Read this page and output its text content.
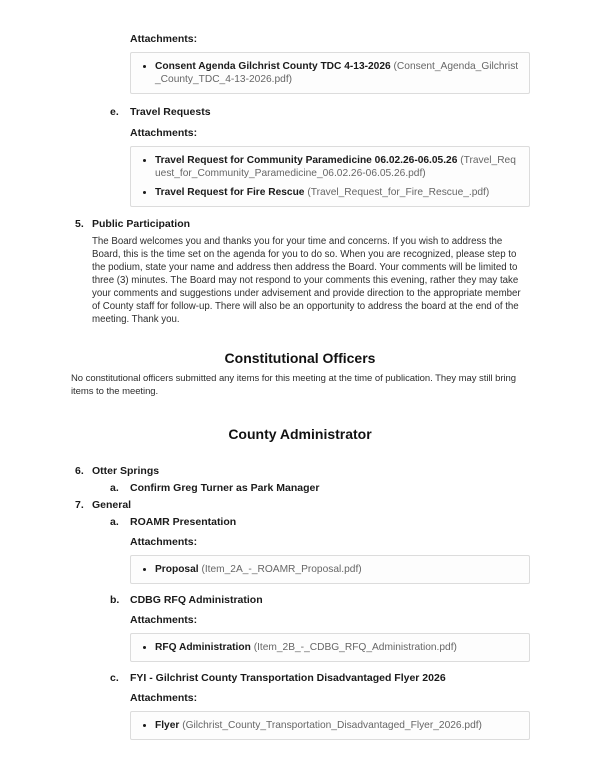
Attachments:
• Consent Agenda Gilchrist County TDC 4-13-2026 (Consent_Agenda_Gilchrist_County_TDC_4-13-2026.pdf)
e.	Travel Requests
Attachments:
• Travel Request for Community Paramedicine 06.02.26-06.05.26 (Travel_Request_for_Community_Paramedicine_06.02.26-06.05.26.pdf)
• Travel Request for Fire Rescue (Travel_Request_for_Fire_Rescue_.pdf)
5. Public Participation
The Board welcomes you and thanks you for your time and concerns. If you wish to address the Board, this is the time set on the agenda for you to do so. When you are recognized, please step to the podium, state your name and address then address the Board. Your comments will be limited to three (3) minutes. The Board may not respond to your comments this evening, rather they may take your comments and suggestions under advisement and provide direction to the appropriate member of County staff for follow-up. There will also be an opportunity to address the board at the end of the meeting. Thank you.
Constitutional Officers
No constitutional officers submitted any items for this meeting at the time of publication. They may still bring items to the meeting.
County Administrator
6. Otter Springs
a.	Confirm Greg Turner as Park Manager
7. General
a.	ROAMR Presentation
Attachments:
• Proposal (Item_2A_-_ROAMR_Proposal.pdf)
b.	CDBG RFQ Administration
Attachments:
• RFQ Administration (Item_2B_-_CDBG_RFQ_Administration.pdf)
c.	FYI - Gilchrist County Transportation Disadvantaged Flyer 2026
Attachments:
• Flyer (Gilchrist_County_Transportation_Disadvantaged_Flyer_2026.pdf)
